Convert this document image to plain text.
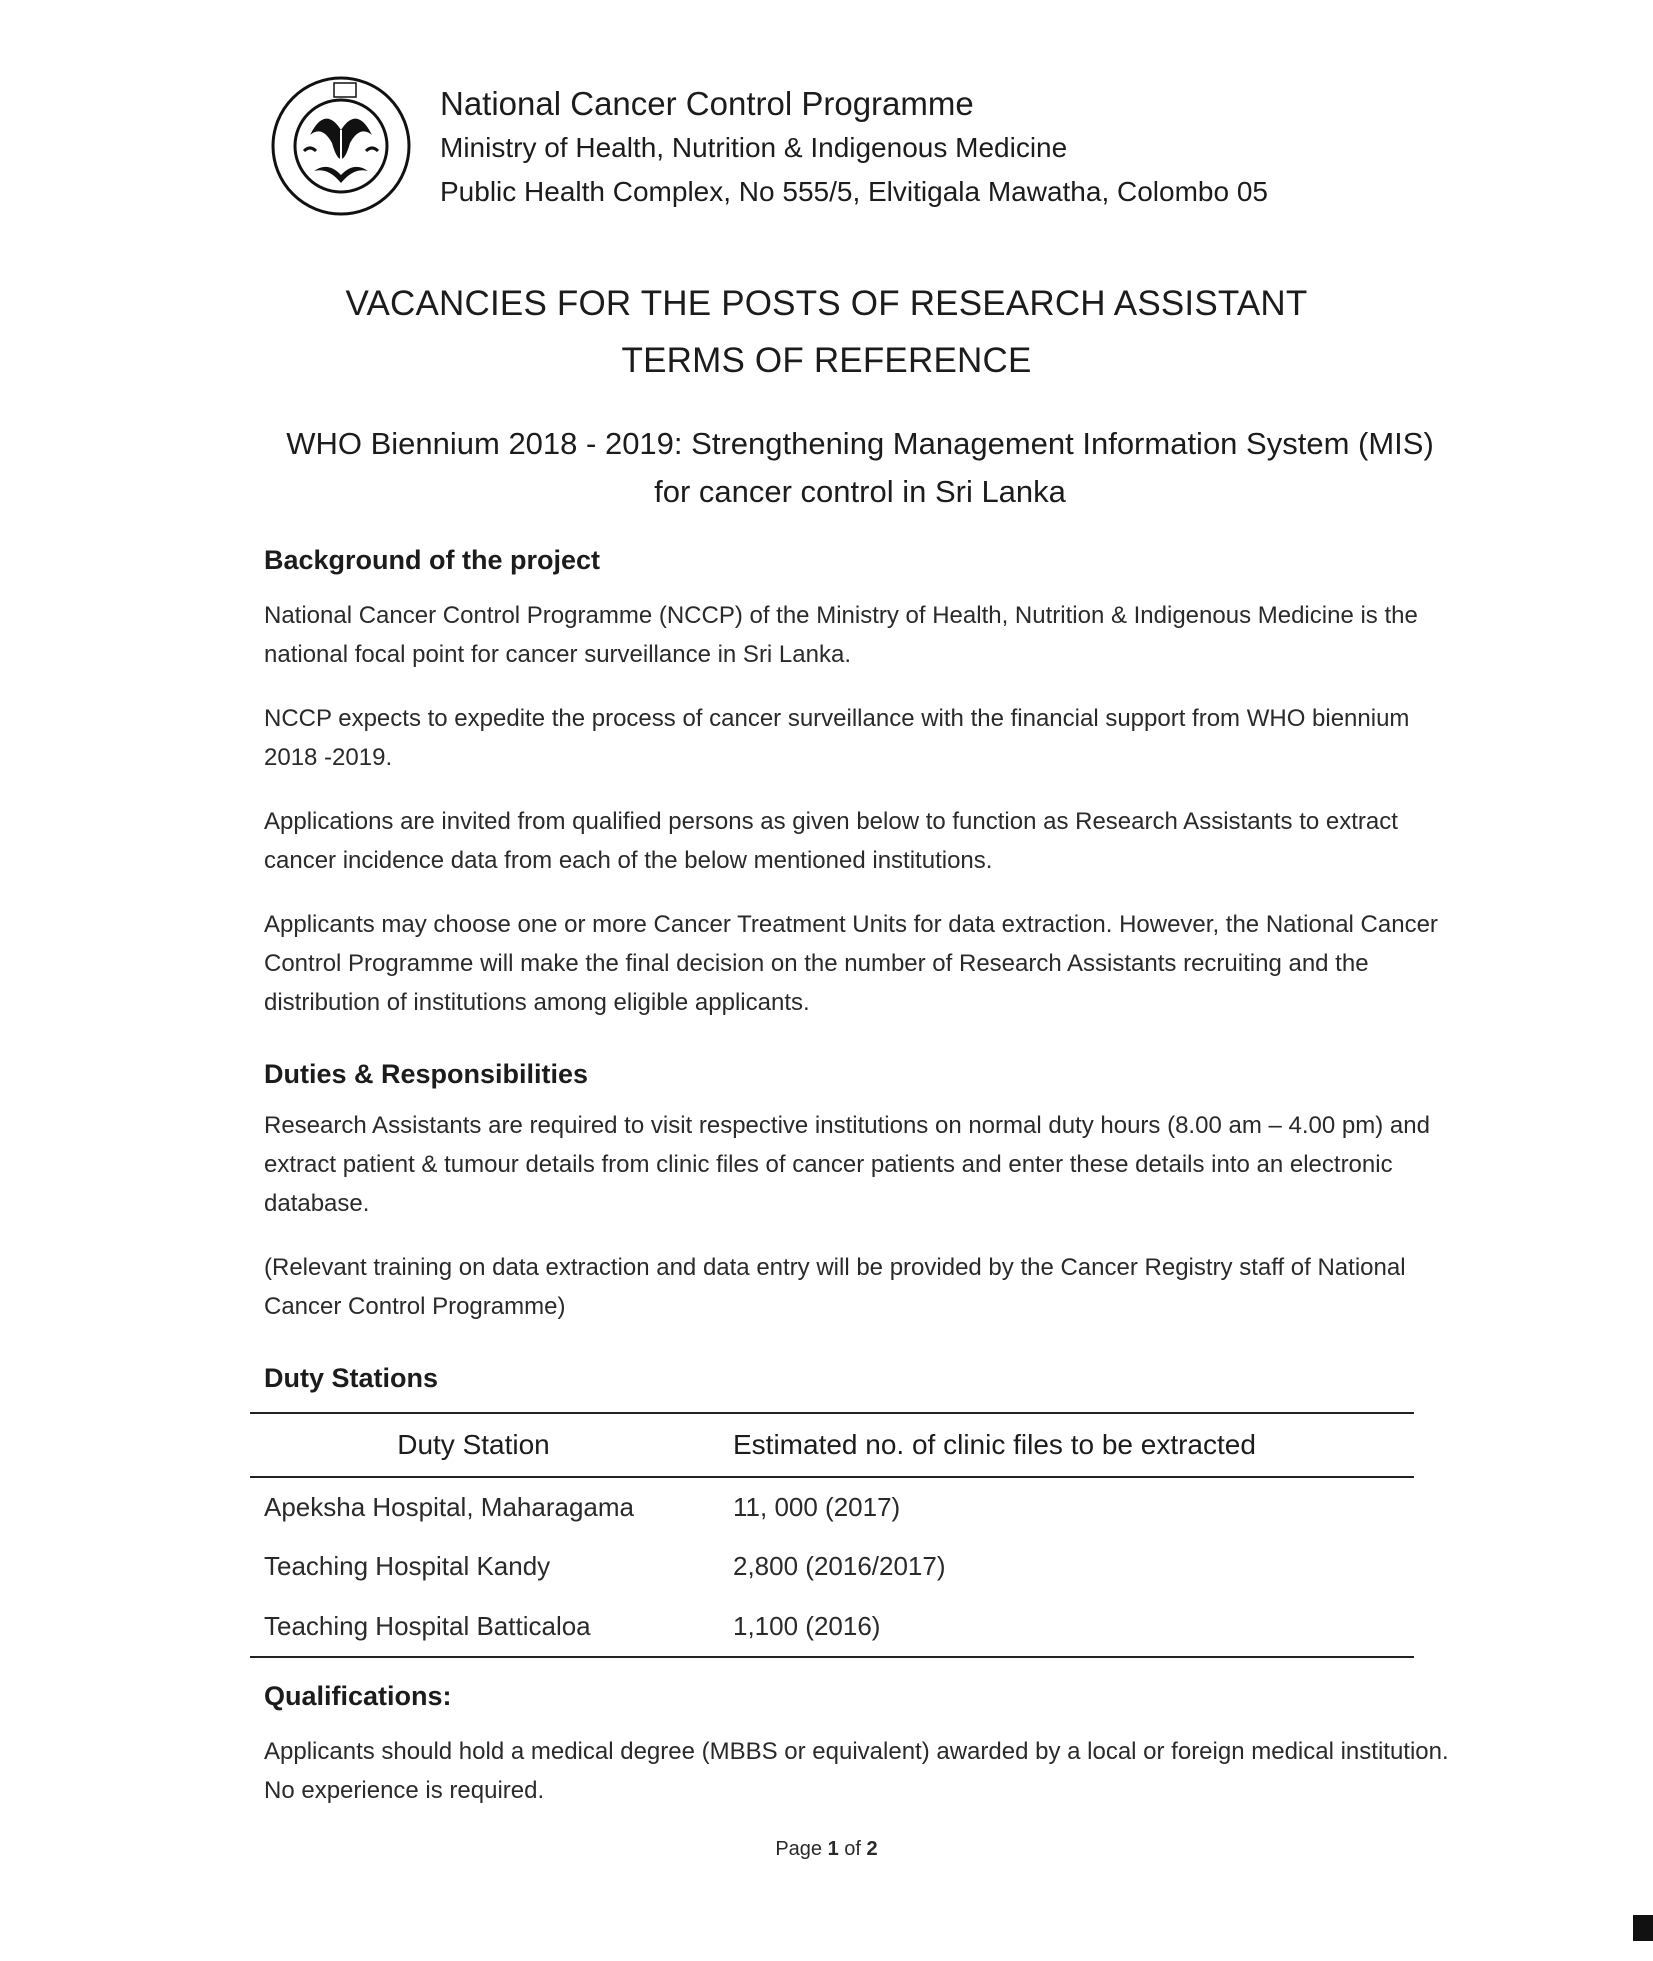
National Cancer Control Programme
Ministry of Health, Nutrition & Indigenous Medicine
Public Health Complex, No 555/5, Elvitigala Mawatha, Colombo 05
VACANCIES FOR THE POSTS OF RESEARCH ASSISTANT
TERMS OF REFERENCE
WHO Biennium 2018 - 2019: Strengthening Management Information System (MIS)
for cancer control in Sri Lanka
Background of the project

National Cancer Control Programme (NCCP) of the Ministry of Health, Nutrition & Indigenous Medicine is the national focal point for cancer surveillance in Sri Lanka.

NCCP expects to expedite the process of cancer surveillance with the financial support from WHO biennium 2018 -2019.

Applications are invited from qualified persons as given below to function as Research Assistants to extract cancer incidence data from each of the below mentioned institutions.

Applicants may choose one or more Cancer Treatment Units for data extraction. However, the National Cancer Control Programme will make the final decision on the number of Research Assistants recruiting and the distribution of institutions among eligible applicants.

Duties & Responsibilities

Research Assistants are required to visit respective institutions on normal duty hours (8.00 am – 4.00 pm) and extract patient & tumour details from clinic files of cancer patients and enter these details into an electronic database.

(Relevant training on data extraction and data entry will be provided by the Cancer Registry staff of National Cancer Control Programme)

Duty Stations
Duty Station	Estimated no. of clinic files to be extracted
Apeksha Hospital, Maharagama	11, 000 (2017)
Teaching Hospital Kandy	2,800 (2016/2017)
Teaching Hospital Batticaloa	1,100 (2016)
Qualifications:

Applicants should hold a medical degree (MBBS or equivalent) awarded by a local or foreign medical institution. No experience is required.

Page 1 of 2
